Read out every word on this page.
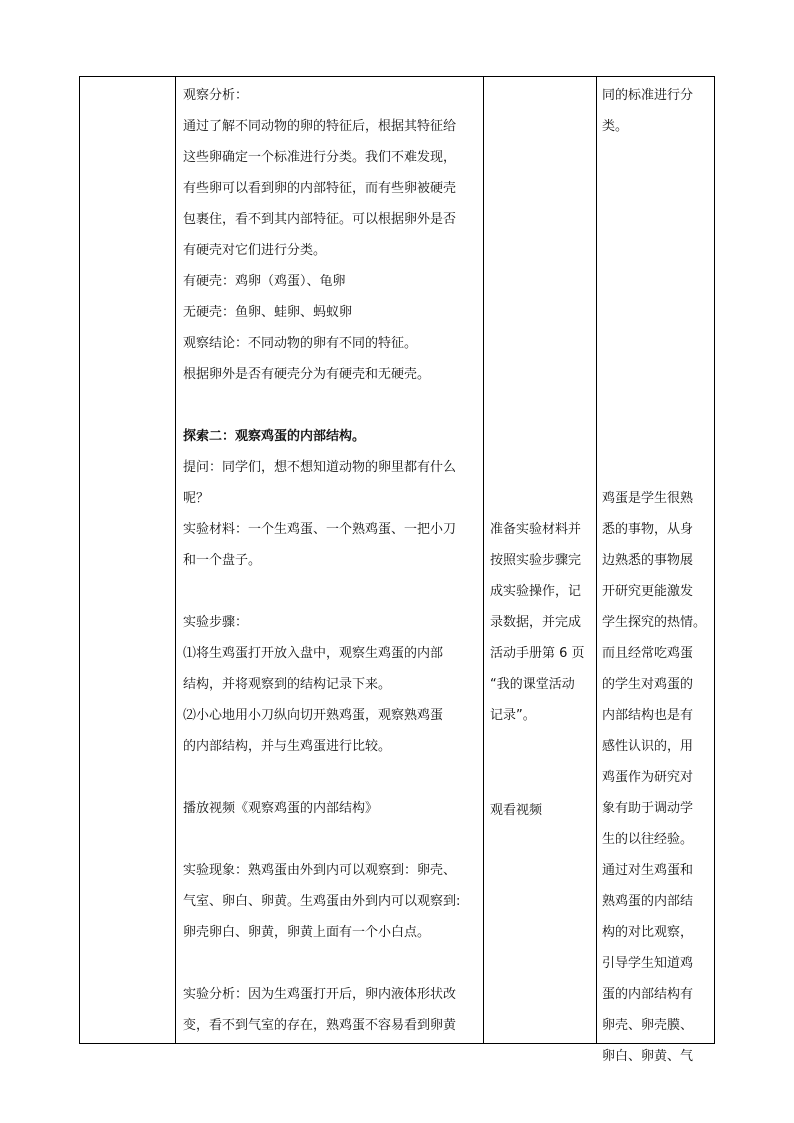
观察分析：
通过了解不同动物的卵的特征后，根据其特征给
这些卵确定一个标准进行分类。我们不难发现，
有些卵可以看到卵的内部特征，而有些卵被硬壳
包裹住，看不到其内部特征。可以根据卵外是否
有硬壳对它们进行分类。
有硬壳：鸡卵（鸡蛋）、龟卵
无硬壳：鱼卵、蛙卵、蚂蚁卵
观察结论：不同动物的卵有不同的特征。
根据卵外是否有硬壳分为有硬壳和无硬壳。
探索二：观察鸡蛋的内部结构。
提问：同学们，想不想知道动物的卵里都有什么
呢？
实验材料：一个生鸡蛋、一个熟鸡蛋、一把小刀
和一个盘子。
实验步骤：
⑴将生鸡蛋打开放入盘中，观察生鸡蛋的内部
结构，并将观察到的结构记录下来。
⑵小心地用小刀纵向切开熟鸡蛋，观察熟鸡蛋
的内部结构，并与生鸡蛋进行比较。
播放视频《观察鸡蛋的内部结构》
实验现象：熟鸡蛋由外到内可以观察到：卵壳、
气室、卵白、卵黄。生鸡蛋由外到内可以观察到:
卵壳卵白、卵黄，卵黄上面有一个小白点。
实验分析：因为生鸡蛋打开后，卵内液体形状改
变，看不到气室的存在，熟鸡蛋不容易看到卵黄
准备实验材料并
按照实验步骤完
成实验操作，记
录数据，并完成
活动手册第 6 页
“我的课堂活动
记录”。
观看视频
同的标准进行分
类。
鸡蛋是学生很熟
悉的事物，从身
边熟悉的事物展
开研究更能激发
学生探究的热情。
而且经常吃鸡蛋
的学生对鸡蛋的
内部结构也是有
感性认识的，用
鸡蛋作为研究对
象有助于调动学
生的以往经验。
通过对生鸡蛋和
熟鸡蛋的内部结
构的对比观察，
引导学生知道鸡
蛋的内部结构有
卵壳、卵壳膜、
卵白、卵黄、气
